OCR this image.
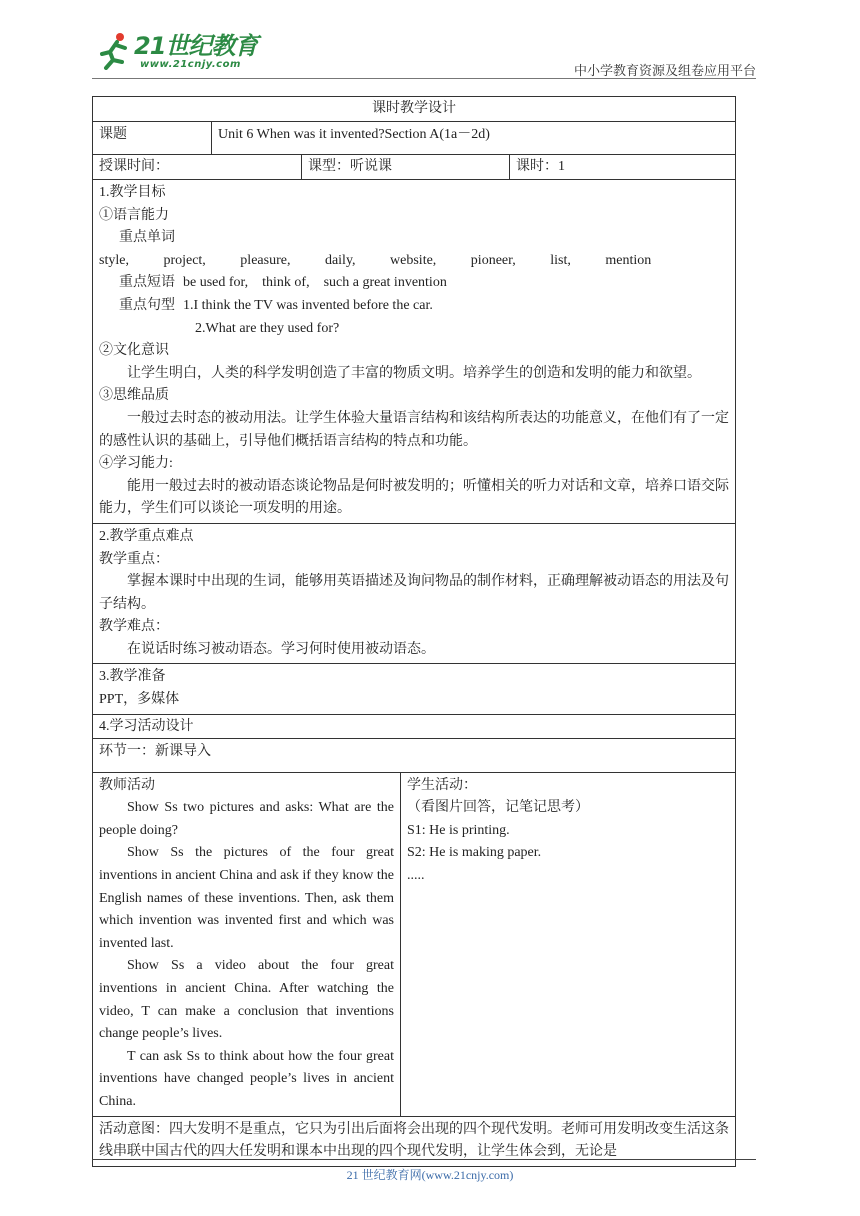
21世纪教育
www.21cnjy.com	中小学教育资源及组卷应用平台
课时教学设计
课题	Unit 6 When was it invented?Section A(1a－2d)
授课时间：	课型：听说课	课时：1

1.教学目标

①语言能力

重点单词style,   project,   pleasure,   daily,   website,   pioneer,   list,   mention

重点短语 be used for,    think of,    such a great invention

重点句型 1.I think the TV was invented before the car.

2.What are they used for?

②文化意识

让学生明白，人类的科学发明创造了丰富的物质文明。培养学生的创造和发明的能力和欲望。

③思维品质

一般过去时态的被动用法。让学生体验大量语言结构和该结构所表达的功能意义，在他们有了一定的感性认识的基础上，引导他们概括语言结构的特点和功能。

④学习能力:

能用一般过去时的被动语态谈论物品是何时被发明的；听懂相关的听力对话和文章，培养口语交际能力，学生们可以谈论一项发明的用途。

2.教学重点难点

教学重点：

掌握本课时中出现的生词，能够用英语描述及询问物品的制作材料，正确理解被动语态的用法及句子结构。

教学难点：

在说话时练习被动语态。学习何时使用被动语态。

3.教学准备

PPT，多媒体

4.学习活动设计
环节一：新课导入

教师活动

Show Ss two pictures and asks: What are the people doing?

Show Ss the pictures of the four great inventions in ancient China and ask if they know the English names of these inventions. Then, ask them which invention was invented first and which was invented last.

Show Ss a video about the four great inventions in ancient China. After watching the video, T can make a conclusion that inventions change people’s lives.

T can ask Ss to think about how the four great inventions have changed people’s lives in ancient China.

学生活动：

（看图片回答，记笔记思考）

S1: He is printing.

S2: He is making paper.

.....

活动意图：四大发明不是重点，它只为引出后面将会出现的四个现代发明。老师可用发明改变生活这条线串联中国古代的四大任发明和课本中出现的四个现代发明，让学生体会到，无论是
21 世纪教育网(www.21cnjy.com)
